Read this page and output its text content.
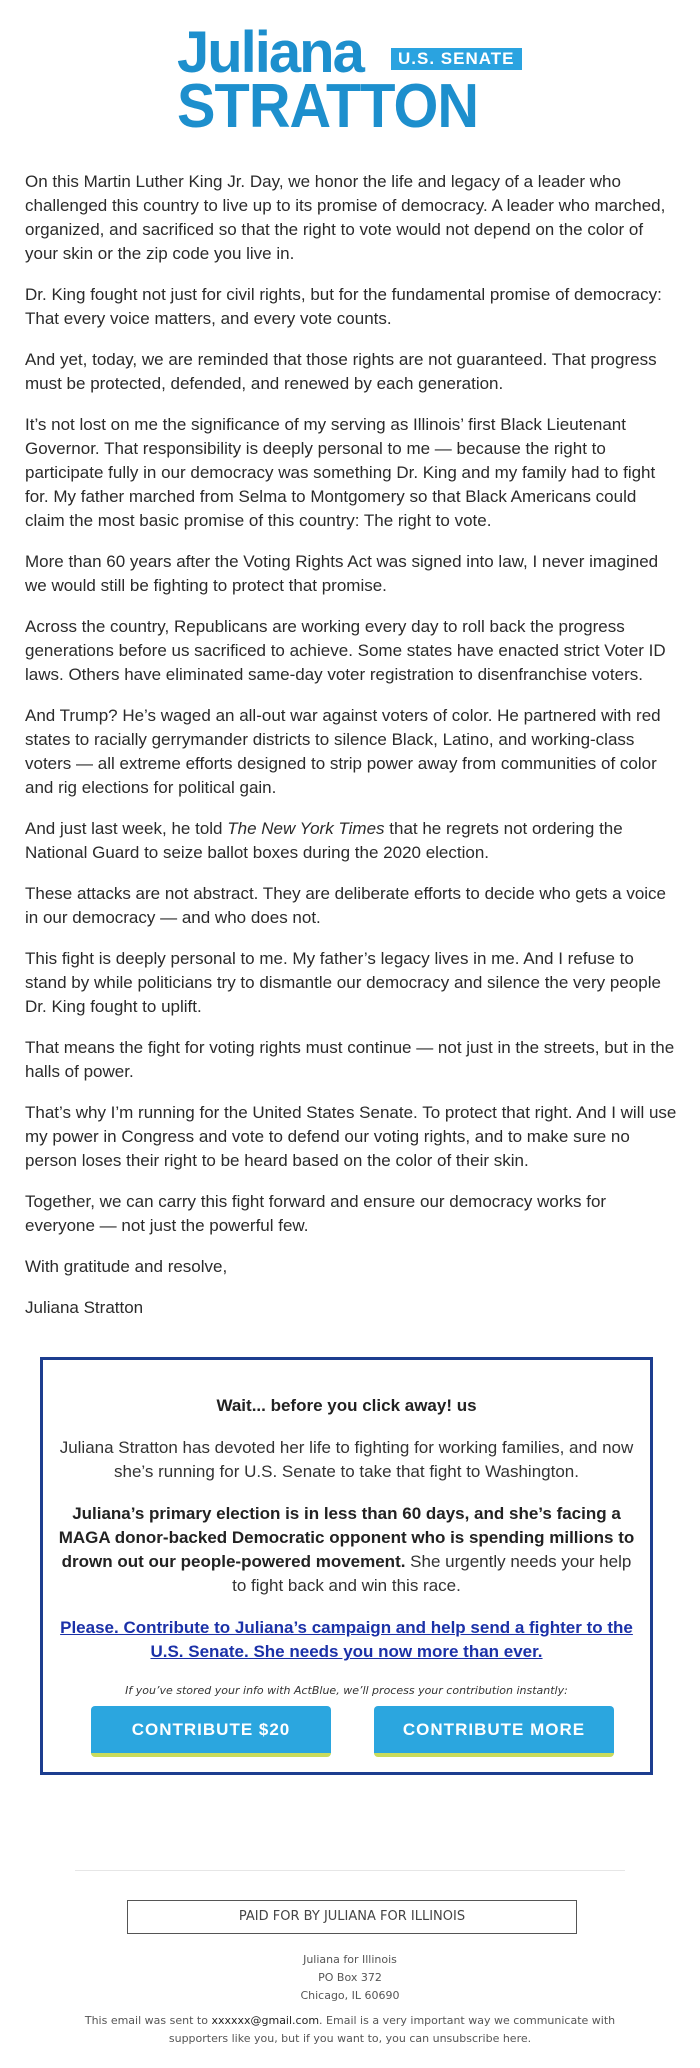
Juliana	U.S. SENATE
STRATTON

On this Martin Luther King Jr. Day, we honor the life and legacy of a leader who challenged this country to live up to its promise of democracy. A leader who marched, organized, and sacrificed so that the right to vote would not depend on the color of your skin or the zip code you live in.

Dr. King fought not just for civil rights, but for the fundamental promise of democracy: That every voice matters, and every vote counts.

And yet, today, we are reminded that those rights are not guaranteed. That progress must be protected, defended, and renewed by each generation.

It’s not lost on me the significance of my serving as Illinois’ first Black Lieutenant Governor. That responsibility is deeply personal to me — because the right to participate fully in our democracy was something Dr. King and my family had to fight for. My father marched from Selma to Montgomery so that Black Americans could claim the most basic promise of this country: The right to vote.

More than 60 years after the Voting Rights Act was signed into law, I never imagined we would still be fighting to protect that promise.

Across the country, Republicans are working every day to roll back the progress generations before us sacrificed to achieve. Some states have enacted strict Voter ID laws. Others have eliminated same-day voter registration to disenfranchise voters.

And Trump? He’s waged an all-out war against voters of color. He partnered with red states to racially gerrymander districts to silence Black, Latino, and working-class voters — all extreme efforts designed to strip power away from communities of color and rig elections for political gain.

And just last week, he told The New York Times that he regrets not ordering the National Guard to seize ballot boxes during the 2020 election.

These attacks are not abstract. They are deliberate efforts to decide who gets a voice in our democracy — and who does not.

This fight is deeply personal to me. My father’s legacy lives in me. And I refuse to stand by while politicians try to dismantle our democracy and silence the very people Dr. King fought to uplift.

That means the fight for voting rights must continue — not just in the streets, but in the halls of power.

That’s why I’m running for the United States Senate. To protect that right. And I will use my power in Congress and vote to defend our voting rights, and to make sure no person loses their right to be heard based on the color of their skin.

Together, we can carry this fight forward and ensure our democracy works for everyone — not just the powerful few.

With gratitude and resolve,

Juliana Stratton

Wait... before you click away! us
Juliana Stratton has devoted her life to fighting for working families, and now she’s running for U.S. Senate to take that fight to Washington.
Juliana’s primary election is in less than 60 days, and she’s facing a MAGA donor-backed Democratic opponent who is spending millions to drown out our people-powered movement. She urgently needs your help to fight back and win this race.
Please. Contribute to Juliana’s campaign and help send a fighter to the U.S. Senate. She needs you now more than ever.
If you’ve stored your info with ActBlue, we’ll process your contribution instantly:
CONTRIBUTE $20	CONTRIBUTE MORE
PAID FOR BY JULIANA FOR ILLINOIS
Juliana for Illinois
PO Box 372
Chicago, IL 60690
This email was sent to xxxxxx@gmail.com. Email is a very important way we communicate with supporters like you, but if you want to, you can unsubscribe here.
